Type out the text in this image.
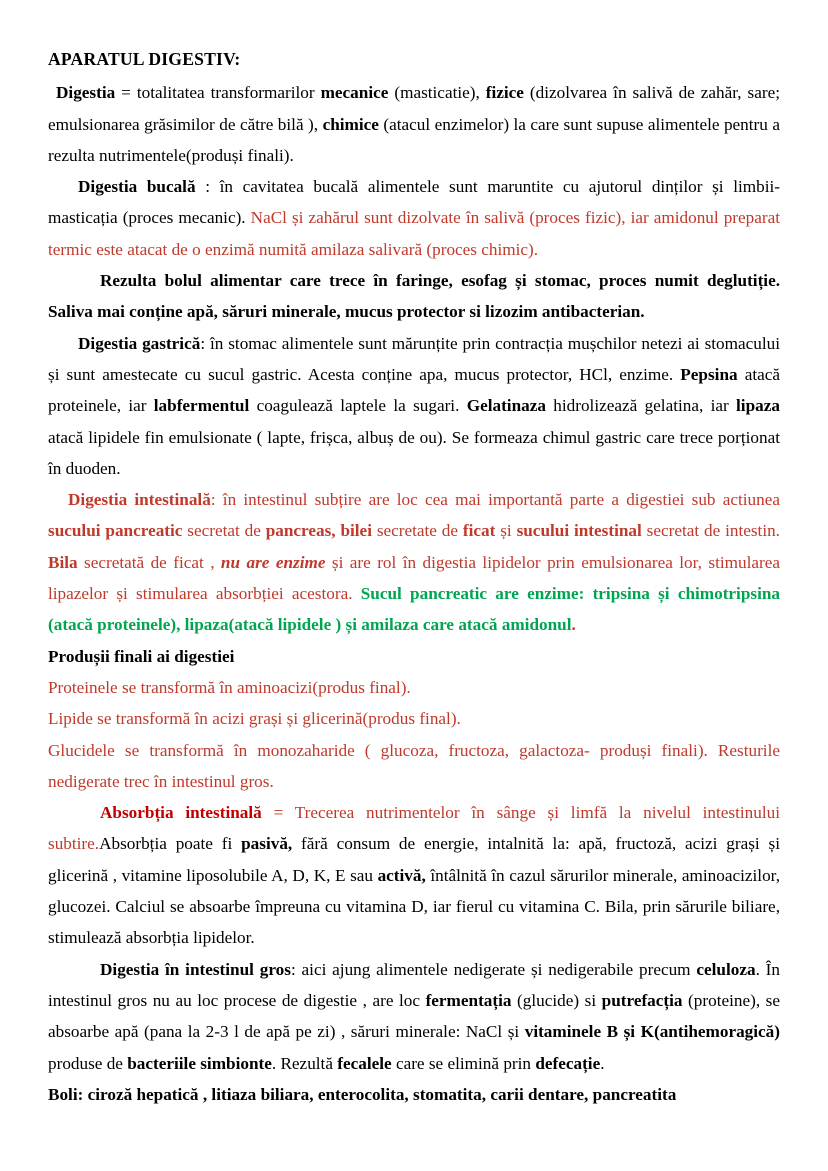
APARATUL DIGESTIV:

Digestia = totalitatea transformarilor mecanice (masticatie), fizice (dizolvarea în salivă de zahăr, sare; emulsionarea grăsimilor de către bilă ), chimice (atacul enzimelor) la care sunt supuse alimentele pentru a rezulta nutrimentele(produși finali).

Digestia bucală : în cavitatea bucală alimentele sunt maruntite cu ajutorul dinților și limbii-masticația (proces mecanic). NaCl și zahărul sunt dizolvate în salivă (proces fizic), iar amidonul preparat termic este atacat de o enzimă numită amilaza salivară (proces chimic).

Rezulta bolul alimentar care trece în faringe, esofag și stomac, proces numit deglutiție. Saliva mai conține apă, săruri minerale, mucus protector si lizozim antibacterian.

Digestia gastrică: în stomac alimentele sunt mărunțite prin contracția mușchilor netezi ai stomacului și sunt amestecate cu sucul gastric. Acesta conține apa, mucus protector, HCl, enzime. Pepsina atacă proteinele, iar labfermentul coagulează laptele la sugari. Gelatinaza hidrolizează gelatina, iar lipaza atacă lipidele fin emulsionate ( lapte, frișca, albuș de ou). Se formeaza chimul gastric care trece porționat în duoden.

Digestia intestinală: în intestinul subțire are loc cea mai importantă parte a digestiei sub actiunea sucului pancreatic secretat de pancreas, bilei secretate de ficat și sucului intestinal secretat de intestin. Bila secretată de ficat , nu are enzime și are rol în digestia lipidelor prin emulsionarea lor, stimularea lipazelor și stimularea absorbției acestora. Sucul pancreatic are enzime: tripsina și chimotripsina (atacă proteinele), lipaza(atacă lipidele ) și amilaza care atacă amidonul.

Produșii finali ai digestiei

Proteinele se transformă în aminoacizi(produs final).

Lipide se transformă în acizi grași și glicerină(produs final).

Glucidele se transformă în monozaharide ( glucoza, fructoza, galactoza- produși finali). Resturile nedigerate trec în intestinul gros.

Absorbția intestinală = Trecerea nutrimentelor în sânge și limfă la nivelul intestinului subtire.Absorbția poate fi pasivă, fără consum de energie, intalnită la: apă, fructoză, acizi grași și glicerină , vitamine liposolubile A, D, K, E sau activă, întâlnită în cazul sărurilor minerale, aminoacizilor, glucozei. Calciul se absoarbe împreuna cu vitamina D, iar fierul cu vitamina C. Bila, prin sărurile biliare, stimulează absorbția lipidelor.

Digestia în intestinul gros: aici ajung alimentele nedigerate și nedigerabile precum celuloza. În intestinul gros nu au loc procese de digestie , are loc fermentația (glucide) si putrefacția (proteine), se absoarbe apă (pana la 2-3 l de apă pe zi) , săruri minerale: NaCl și vitaminele B și K(antihemoragică) produse de bacteriile simbionte. Rezultă fecalele care se elimină prin defecație.

Boli: ciroză hepatică , litiaza biliara, enterocolita, stomatita, carii dentare, pancreatita
